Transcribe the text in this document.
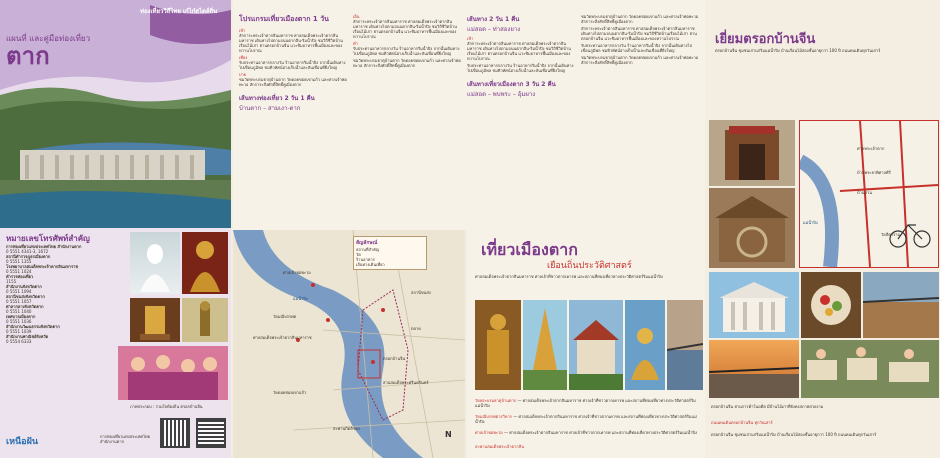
ท่องเที่ยววิถีไทย เก๋ไก๋สไตล์ถิ่น
แผนที่ และคู่มือท่องเที่ยว
ตาก
หมายเลขโทรศัพท์สำคัญ
การท่องเที่ยวแห่งประเทศไทย สำนักงานตาก
0 5551 4341-3, 1672
สถานีตำรวจภูธรเมืองตาก
0 5551 1355
โรงพยาบาลสมเด็จพระเจ้าตากสินมหาราช
0 5551 1024
ตำรวจท่องเที่ยว
1155
สำนักงานจังหวัดตาก
0 5551 1094
สถานีขนส่งจังหวัดตาก
0 5551 1057
ศาลากลางจังหวัดตาก
0 5551 1040
เทศบาลเมืองตาก
0 5551 1036
สำนักงานวัฒนธรรมจังหวัดตาก
0 5551 1039
สำนักงานพาณิชย์จังหวัด
0 5554 6333
ภาพประกอบ : รวมใจท้องถิ่น ตรอกบ้านจีน
เหนือฝัน
การท่องเที่ยวแห่งประเทศไทย สำนักงานตาก
โปรแกรมเที่ยวเมืองตาก 1 วัน
เช้า
สักการะพระเจ้าตากสินมหาราช ศาลสมเด็จพระเจ้าตากสินมหาราช เดินทางไปตามถนนตากสิน-ริมน้ำปิง ชมวิถีชีวิตบ้านเรือนไม้เก่า ย่านตรอกบ้านจีน แวะชิมอาหารพื้นเมืองและของหวานโบราณ
เที่ยง
รับประทานอาหารกลางวัน ร้านอาหารริมน้ำปิง จากนั้นเดินทางไปเขื่อนภูมิพล ชมทิวทัศน์อ่างเก็บน้ำและสันเขื่อนที่ยิ่งใหญ่
บ่าย
ชมวัดพระบรมธาตุบ้านตาก วัดดอยข่อยเขาแก้ว และศาลเจ้าพ่อพะวอ สักการะสิ่งศักดิ์สิทธิ์คู่เมืองตาก
เส้นทางท่องเที่ยว 2 วัน 1 คืน
บ้านตาก – สามเงา-ตาก
เย็น
สักการะพระเจ้าตากสินมหาราช ศาลสมเด็จพระเจ้าตากสินมหาราช เดินทางไปตามถนนตากสิน-ริมน้ำปิง ชมวิถีชีวิตบ้านเรือนไม้เก่า ย่านตรอกบ้านจีน แวะชิมอาหารพื้นเมืองและของหวานโบราณ
ค่ำ
รับประทานอาหารกลางวัน ร้านอาหารริมน้ำปิง จากนั้นเดินทางไปเขื่อนภูมิพล ชมทิวทัศน์อ่างเก็บน้ำและสันเขื่อนที่ยิ่งใหญ่
ชมวัดพระบรมธาตุบ้านตาก วัดดอยข่อยเขาแก้ว และศาลเจ้าพ่อพะวอ สักการะสิ่งศักดิ์สิทธิ์คู่เมืองตาก
เส้นทาง 2 วัน 1 คืน
แม่สอด – ท่าสองยาง
เช้า
สักการะพระเจ้าตากสินมหาราช ศาลสมเด็จพระเจ้าตากสินมหาราช เดินทางไปตามถนนตากสิน-ริมน้ำปิง ชมวิถีชีวิตบ้านเรือนไม้เก่า ย่านตรอกบ้านจีน แวะชิมอาหารพื้นเมืองและของหวานโบราณ
รับประทานอาหารกลางวัน ร้านอาหารริมน้ำปิง จากนั้นเดินทางไปเขื่อนภูมิพล ชมทิวทัศน์อ่างเก็บน้ำและสันเขื่อนที่ยิ่งใหญ่
เส้นทางเที่ยวเมืองตาก 3 วัน 2 คืน
แม่สอด – พบพระ – อุ้มผาง
ชมวัดพระบรมธาตุบ้านตาก วัดดอยข่อยเขาแก้ว และศาลเจ้าพ่อพะวอ สักการะสิ่งศักดิ์สิทธิ์คู่เมืองตาก
สักการะพระเจ้าตากสินมหาราช ศาลสมเด็จพระเจ้าตากสินมหาราช เดินทางไปตามถนนตากสิน-ริมน้ำปิง ชมวิถีชีวิตบ้านเรือนไม้เก่า ย่านตรอกบ้านจีน แวะชิมอาหารพื้นเมืองและของหวานโบราณ
รับประทานอาหารกลางวัน ร้านอาหารริมน้ำปิง จากนั้นเดินทางไปเขื่อนภูมิพล ชมทิวทัศน์อ่างเก็บน้ำและสันเขื่อนที่ยิ่งใหญ่
ชมวัดพระบรมธาตุบ้านตาก วัดดอยข่อยเขาแก้ว และศาลเจ้าพ่อพะวอ สักการะสิ่งศักดิ์สิทธิ์คู่เมืองตาก
สัญลักษณ์
สถานที่สำคัญ
วัด
ร้านอาหาร
เส้นทางเดินเที่ยว
ศาลเจ้าพ่อพะวอ
วัดมณีบรรพต
ตรอกบ้านจีน
ศาลสมเด็จพระเจ้าตากสินมหาราช
สวนสมเด็จพระศรีนครินทร์
วัดดอยข่อยเขาแก้ว
สะพานกิตติขจร
แม่น้ำปิง
สถานีขนส่ง
ตลาด
N
เที่ยวเมืองตาก
เยือนถิ่นประวัติศาสตร์
ศาลสมเด็จพระเจ้าตากสินมหาราช ศาลเจ้าที่ชาวตากเคารพ และสถานที่ท่องเที่ยวทางประวัติศาสตร์ริมแม่น้ำปิง
วัดพระบรมธาตุบ้านตาก — ศาลสมเด็จพระเจ้าตากสินมหาราช ศาลเจ้าที่ชาวตากเคารพ และสถานที่ท่องเที่ยวทางประวัติศาสตร์ริมแม่น้ำปิง
วัดมณีบรรพตวรวิหาร — ศาลสมเด็จพระเจ้าตากสินมหาราช ศาลเจ้าที่ชาวตากเคารพ และสถานที่ท่องเที่ยวทางประวัติศาสตร์ริมแม่น้ำปิง
ศาลเจ้าพ่อพะวอ — ศาลสมเด็จพระเจ้าตากสินมหาราช ศาลเจ้าที่ชาวตากเคารพ และสถานที่ท่องเที่ยวทางประวัติศาสตร์ริมแม่น้ำปิง
สะพานสมเด็จพระเจ้าตากสิน
เยี่ยมตรอกบ้านจีน
ตรอกบ้านจีน ชุมชนเก่าแก่ริมแม่น้ำปิง บ้านเรือนไม้สองชั้นอายุกว่า 100 ปี ถนนคนเดินทุกวันเสาร์
ศาลพระเจ้าตาก
วัดสีตาราม
บ้านพระยาพิศาลคีรี
แม่น้ำปิง
บ้านสวน
ตรอกบ้านจีน ย่านการค้าในอดีต มีบ้านไม้เก่าที่ยังคงสภาพสวยงาม
ถนนคนเดินตรอกบ้านจีน ทุกวันเสาร์
ตรอกบ้านจีน ชุมชนเก่าแก่ริมแม่น้ำปิง บ้านเรือนไม้สองชั้นอายุกว่า 100 ปี ถนนคนเดินทุกวันเสาร์
